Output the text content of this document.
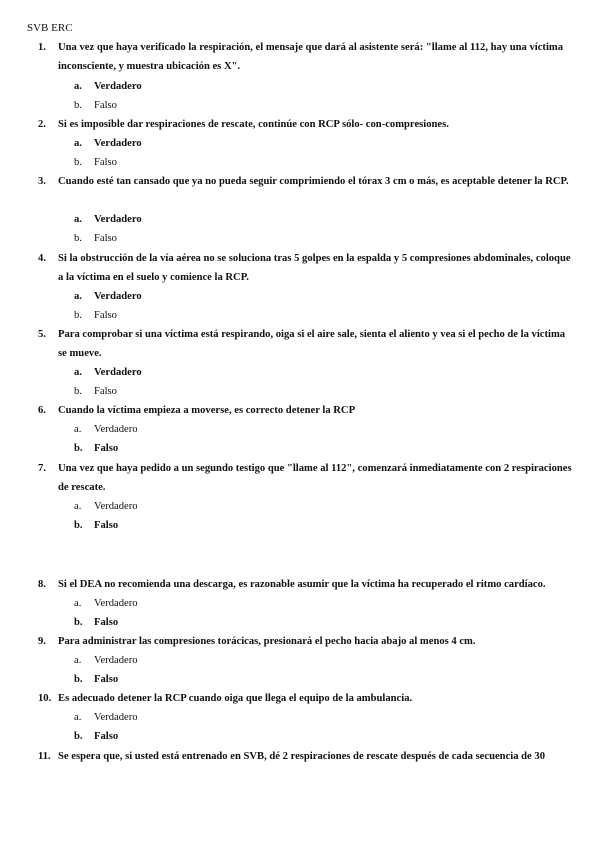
SVB ERC
1.	Una vez que haya verificado la respiración, el mensaje que dará al asistente será: "llame al 112, hay una víctima inconsciente, y muestra ubicación es X".
a. Verdadero
b. Falso
2.	Si es imposible dar respiraciones de rescate, continúe con RCP sólo- con-compresiones.
a. Verdadero
b. Falso
3.	Cuando esté tan cansado que ya no pueda seguir comprimiendo el tórax 3 cm o más, es aceptable detener la RCP.
a. Verdadero
b. Falso
4.	Si la obstrucción de la vía aérea no se soluciona tras 5 golpes en la espalda y 5 compresiones abdominales, coloque a la víctima en el suelo y comience la RCP.
a. Verdadero
b. Falso
5.	Para comprobar si una víctima está respirando, oiga si el aire sale, sienta el aliento y vea si el pecho de la víctima se mueve.
a. Verdadero
b. Falso
6.	Cuando la víctima empieza a moverse, es correcto detener la RCP
a. Verdadero
b. Falso
7.	Una vez que haya pedido a un segundo testigo que "llame al 112", comenzará inmediatamente con 2 respiraciones de rescate.
a. Verdadero
b. Falso
8.	Si el DEA no recomienda una descarga, es razonable asumir que la víctima ha recuperado el ritmo cardíaco.
a. Verdadero
b. Falso
9.	Para administrar las compresiones torácicas, presionará el pecho hacia abajo al menos 4 cm.
a. Verdadero
b. Falso
10. Es adecuado detener la RCP cuando oiga que llega el equipo de la ambulancia.
a. Verdadero
b. Falso
11. Se espera que, si usted está entrenado en SVB, dé 2 respiraciones de rescate después de cada secuencia de 30
